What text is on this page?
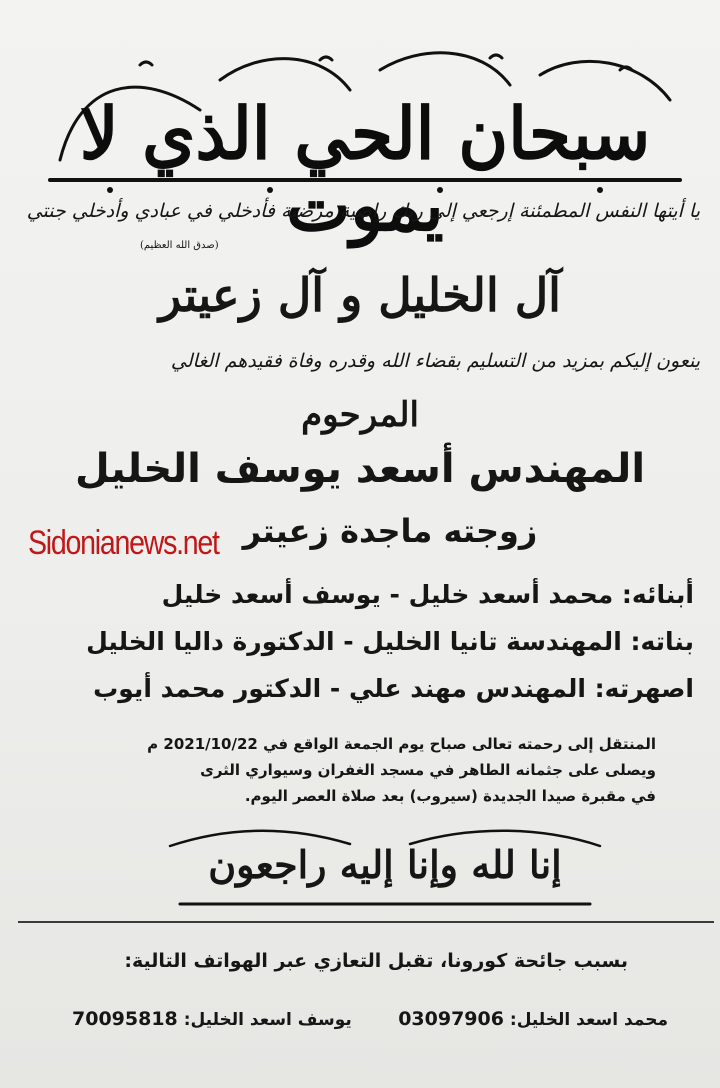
سبحان الحي الذي لا يموت
يا أيتها النفس المطمئنة إرجعي إلى ربك راضية مرضية فأدخلي في عبادي وأدخلي جنتي
(صدق الله العظيم)
آل الخليل و آل زعيتر
ينعون إليكم بمزيد من التسليم بقضاء الله وقدره وفاة فقيدهم الغالي
المرحوم
المهندس أسعد يوسف الخليل
زوجته ماجدة زعيتر
Sidonianews.net
أبنائه: محمد أسعد خليل - يوسف أسعد خليل
بناته: المهندسة تانيا الخليل - الدكتورة داليا الخليل
اصهرته: المهندس مهند علي - الدكتور محمد أيوب
المنتقل إلى رحمته تعالى صباح يوم الجمعة الواقع في 2021/10/22 م
ويصلى على جثمانه الطاهر في مسجد الغفران وسيواري الثرى
في مقبرة صيدا الجديدة (سيروب) بعد صلاة العصر اليوم.
إنا لله وإنا إليه راجعون
بسبب جائحة كورونا، تقبل التعازي عبر الهواتف التالية:
محمد اسعد الخليل: 03097906
يوسف اسعد الخليل: 70095818
